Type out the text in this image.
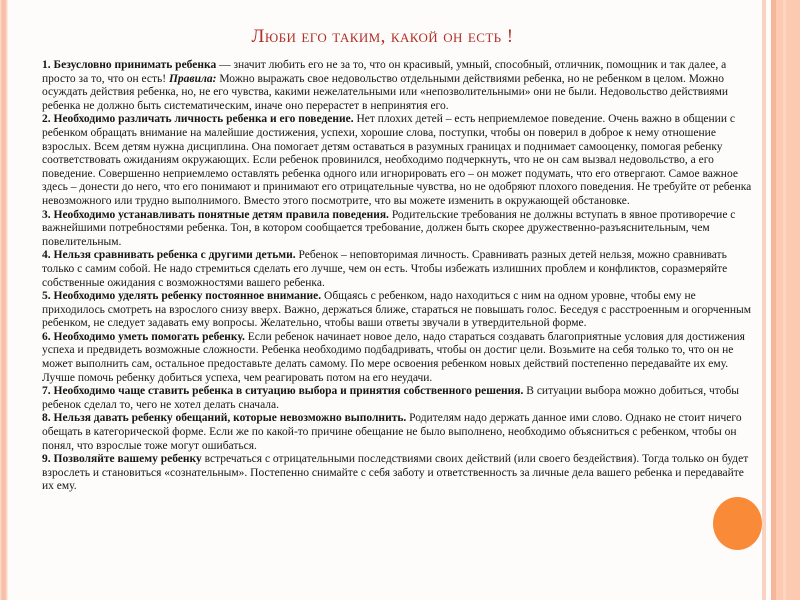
Люби его таким, какой он есть !

1. Безусловно принимать ребенка — значит любить его не за то, что он красивый, умный, способный, отличник, помощник и так далее, а просто за то, что он есть! Правила: Можно выражать свое недовольство отдельными действиями ребенка, но не ребенком в целом. Можно осуждать действия ребенка, но, не его чувства, какими нежелательными или «непозволительными» они не были. Недовольство действиями ребенка не должно быть систематическим, иначе оно перерастет в непринятия его.

2. Необходимо различать личность ребенка и его поведение. Нет плохих детей – есть неприемлемое поведение. Очень важно в общении с ребенком обращать внимание на малейшие достижения, успехи, хорошие слова, поступки, чтобы он поверил в доброе к нему отношение взрослых. Всем детям нужна дисциплина. Она помогает детям оставаться в разумных границах и поднимает самооценку, помогая ребенку соответствовать ожиданиям окружающих. Если ребенок провинился, необходимо подчеркнуть, что не он сам вызвал недовольство, а его поведение. Совершенно неприемлемо оставлять ребенка одного или игнорировать его – он может подумать, что его отвергают. Самое важное здесь – донести до него, что его понимают и принимают его отрицательные чувства, но не одобряют плохого поведения. Не требуйте от ребенка невозможного или трудно выполнимого. Вместо этого посмотрите, что вы можете изменить в окружающей обстановке.

3. Необходимо устанавливать понятные детям правила поведения. Родительские требования не должны вступать в явное противоречие с важнейшими потребностями ребенка. Тон, в котором сообщается требование, должен быть скорее дружественно-разъяснительным, чем повелительным.

4. Нельзя сравнивать ребенка с другими детьми. Ребенок – неповторимая личность. Сравнивать разных детей нельзя, можно сравнивать только с самим собой. Не надо стремиться сделать его лучше, чем он есть. Чтобы избежать излишних проблем и конфликтов, соразмеряйте собственные ожидания с возможностями вашего ребенка.

5. Необходимо уделять ребенку постоянное внимание. Общаясь с ребенком, надо находиться с ним на одном уровне, чтобы ему не приходилось смотреть на взрослого снизу вверх. Важно, держаться ближе, стараться не повышать голос. Беседуя с расстроенным и огорченным ребенком, не следует задавать ему вопросы. Желательно, чтобы ваши ответы звучали в утвердительной форме.

6. Необходимо уметь помогать ребенку. Если ребенок начинает новое дело, надо стараться создавать благоприятные условия для достижения успеха и предвидеть возможные сложности. Ребенка необходимо подбадривать, чтобы он достиг цели. Возьмите на себя только то, что он не может выполнить сам, остальное предоставьте делать самому. По мере освоения ребенком новых действий постепенно передавайте их ему. Лучше помочь ребенку добиться успеха, чем реагировать потом на его неудачи.

7. Необходимо чаще ставить ребенка в ситуацию выбора и принятия собственного решения. В ситуации выбора можно добиться, чтобы ребенок сделал то, чего не хотел делать сначала.

8. Нельзя давать ребенку обещаний, которые невозможно выполнить. Родителям надо держать данное ими слово. Однако не стоит ничего обещать в категорической форме. Если же по какой-то причине обещание не было выполнено, необходимо объясниться с ребенком, чтобы он понял, что взрослые тоже могут ошибаться.

9. Позволяйте вашему ребенку встречаться с отрицательными последствиями своих действий (или своего бездействия). Тогда только он будет взрослеть и становиться «сознательным». Постепенно снимайте с себя заботу и ответственность за личные дела вашего ребенка и передавайте их ему.
